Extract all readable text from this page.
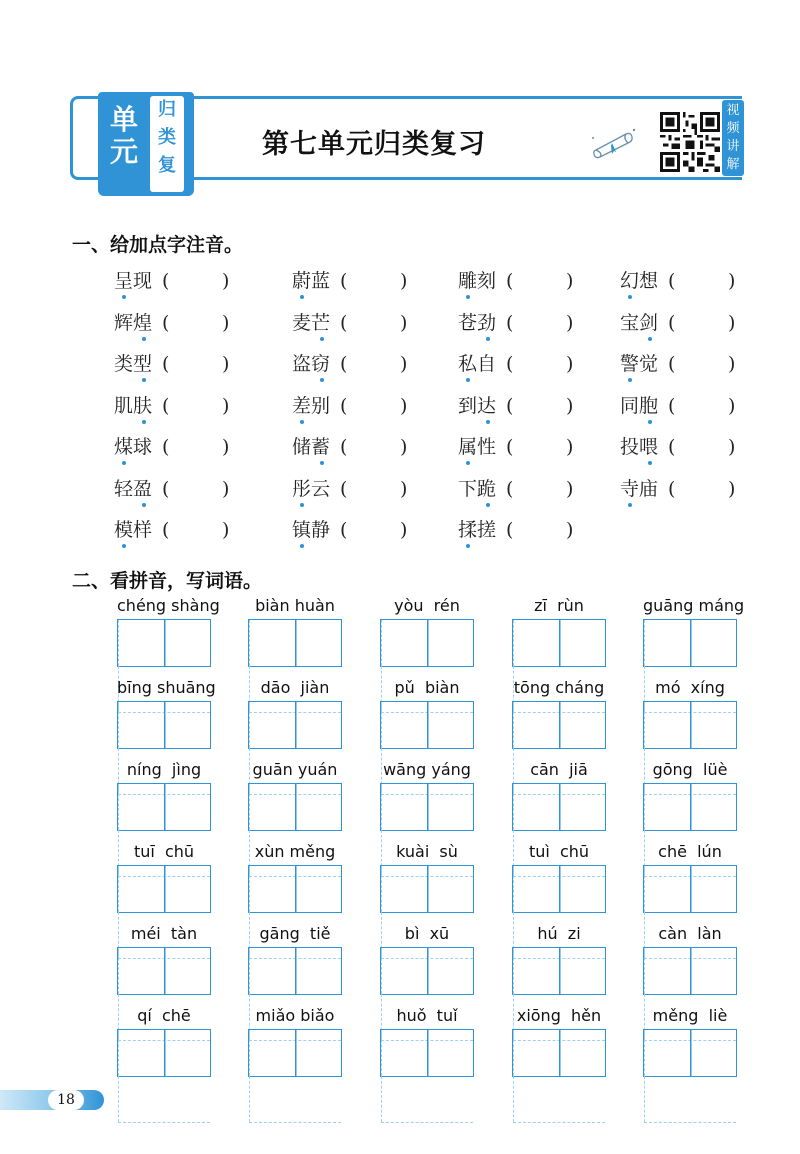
单
元
归
类
复
第七单元归类复习
视
频
讲
解
一、给加点字注音。
呈现 (	)	蔚蓝 (	)	雕刻 (	) 幻想 (	)
辉煌 (	)	麦芒 (	)	苍劲 (	) 宝剑 (	)
类型 (	)	盗窃 (	)	私自 (	) 警觉 (	)
肌肤 (	)	差别 (	)	到达 (	) 同胞 (	)
煤球 (	)	储蓄 (	)	属性 (	) 投喂 (	)
轻盈 (	)	彤云 (	)	下跪 (	) 寺庙 (	)
模样 (	)	镇静 (	)	揉搓 (	)
二、看拼音，写词语。
chéng shàng	biàn huàn	yòu  rén	zī  rùn	guāng máng
bīng shuāng	dāo  jiàn	pǔ  biàn	tōng cháng	mó  xíng
níng  jìng	guān yuán	wāng yáng	cān  jiā	gōng  lüè
tuī  chū	xùn měng	kuài  sù	tuì  chū	chē  lún
méi  tàn	gāng  tiě	bì  xū	hú  zi	càn  làn
qí  chē	miǎo biǎo	huǒ  tuǐ	xiōng  hěn	měng  liè
18
